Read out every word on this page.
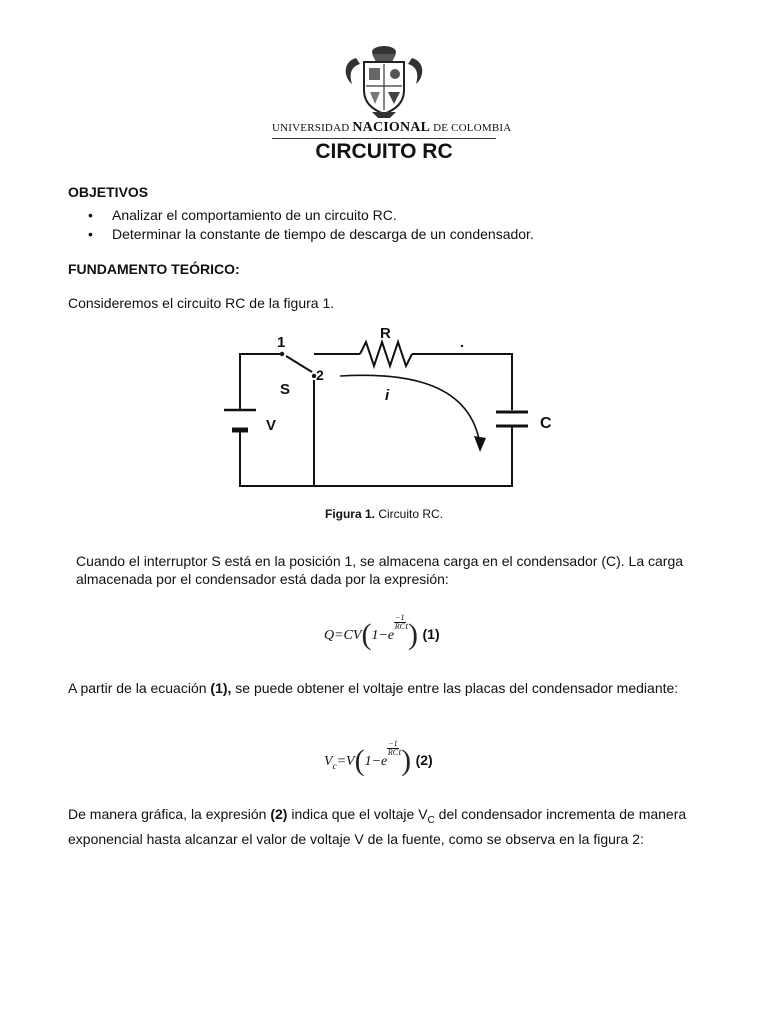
UNIVERSIDAD NACIONAL DE COLOMBIA
CIRCUITO RC
OBJETIVOS
• Analizar el comportamiento de un circuito RC.
• Determinar la constante de tiempo de descarga de un condensador.
FUNDAMENTO TEÓRICO:
Consideremos el circuito RC de la figura 1.
1
2
S
R
i
V	C
Figura 1. Circuito RC.
Cuando el interruptor S está en la posición 1, se almacena carga en el condensador (C). La carga almacenada por el condensador está dada por la expresión:
Q=CV(1−e
$\frac{-1}{RC} ^t$) (1)
A partir de la ecuación (1), se puede obtener el voltaje entre las placas del condensador mediante:
$V_c=V(1-e$
$\frac{-1}{RC} ^t$) (2)
De manera gráfica, la expresión (2) indica que el voltaje $V_C$ del condensador incrementa de manera exponencial hasta alcanzar el valor de voltaje V de la fuente, como se observa en la figura 2:
